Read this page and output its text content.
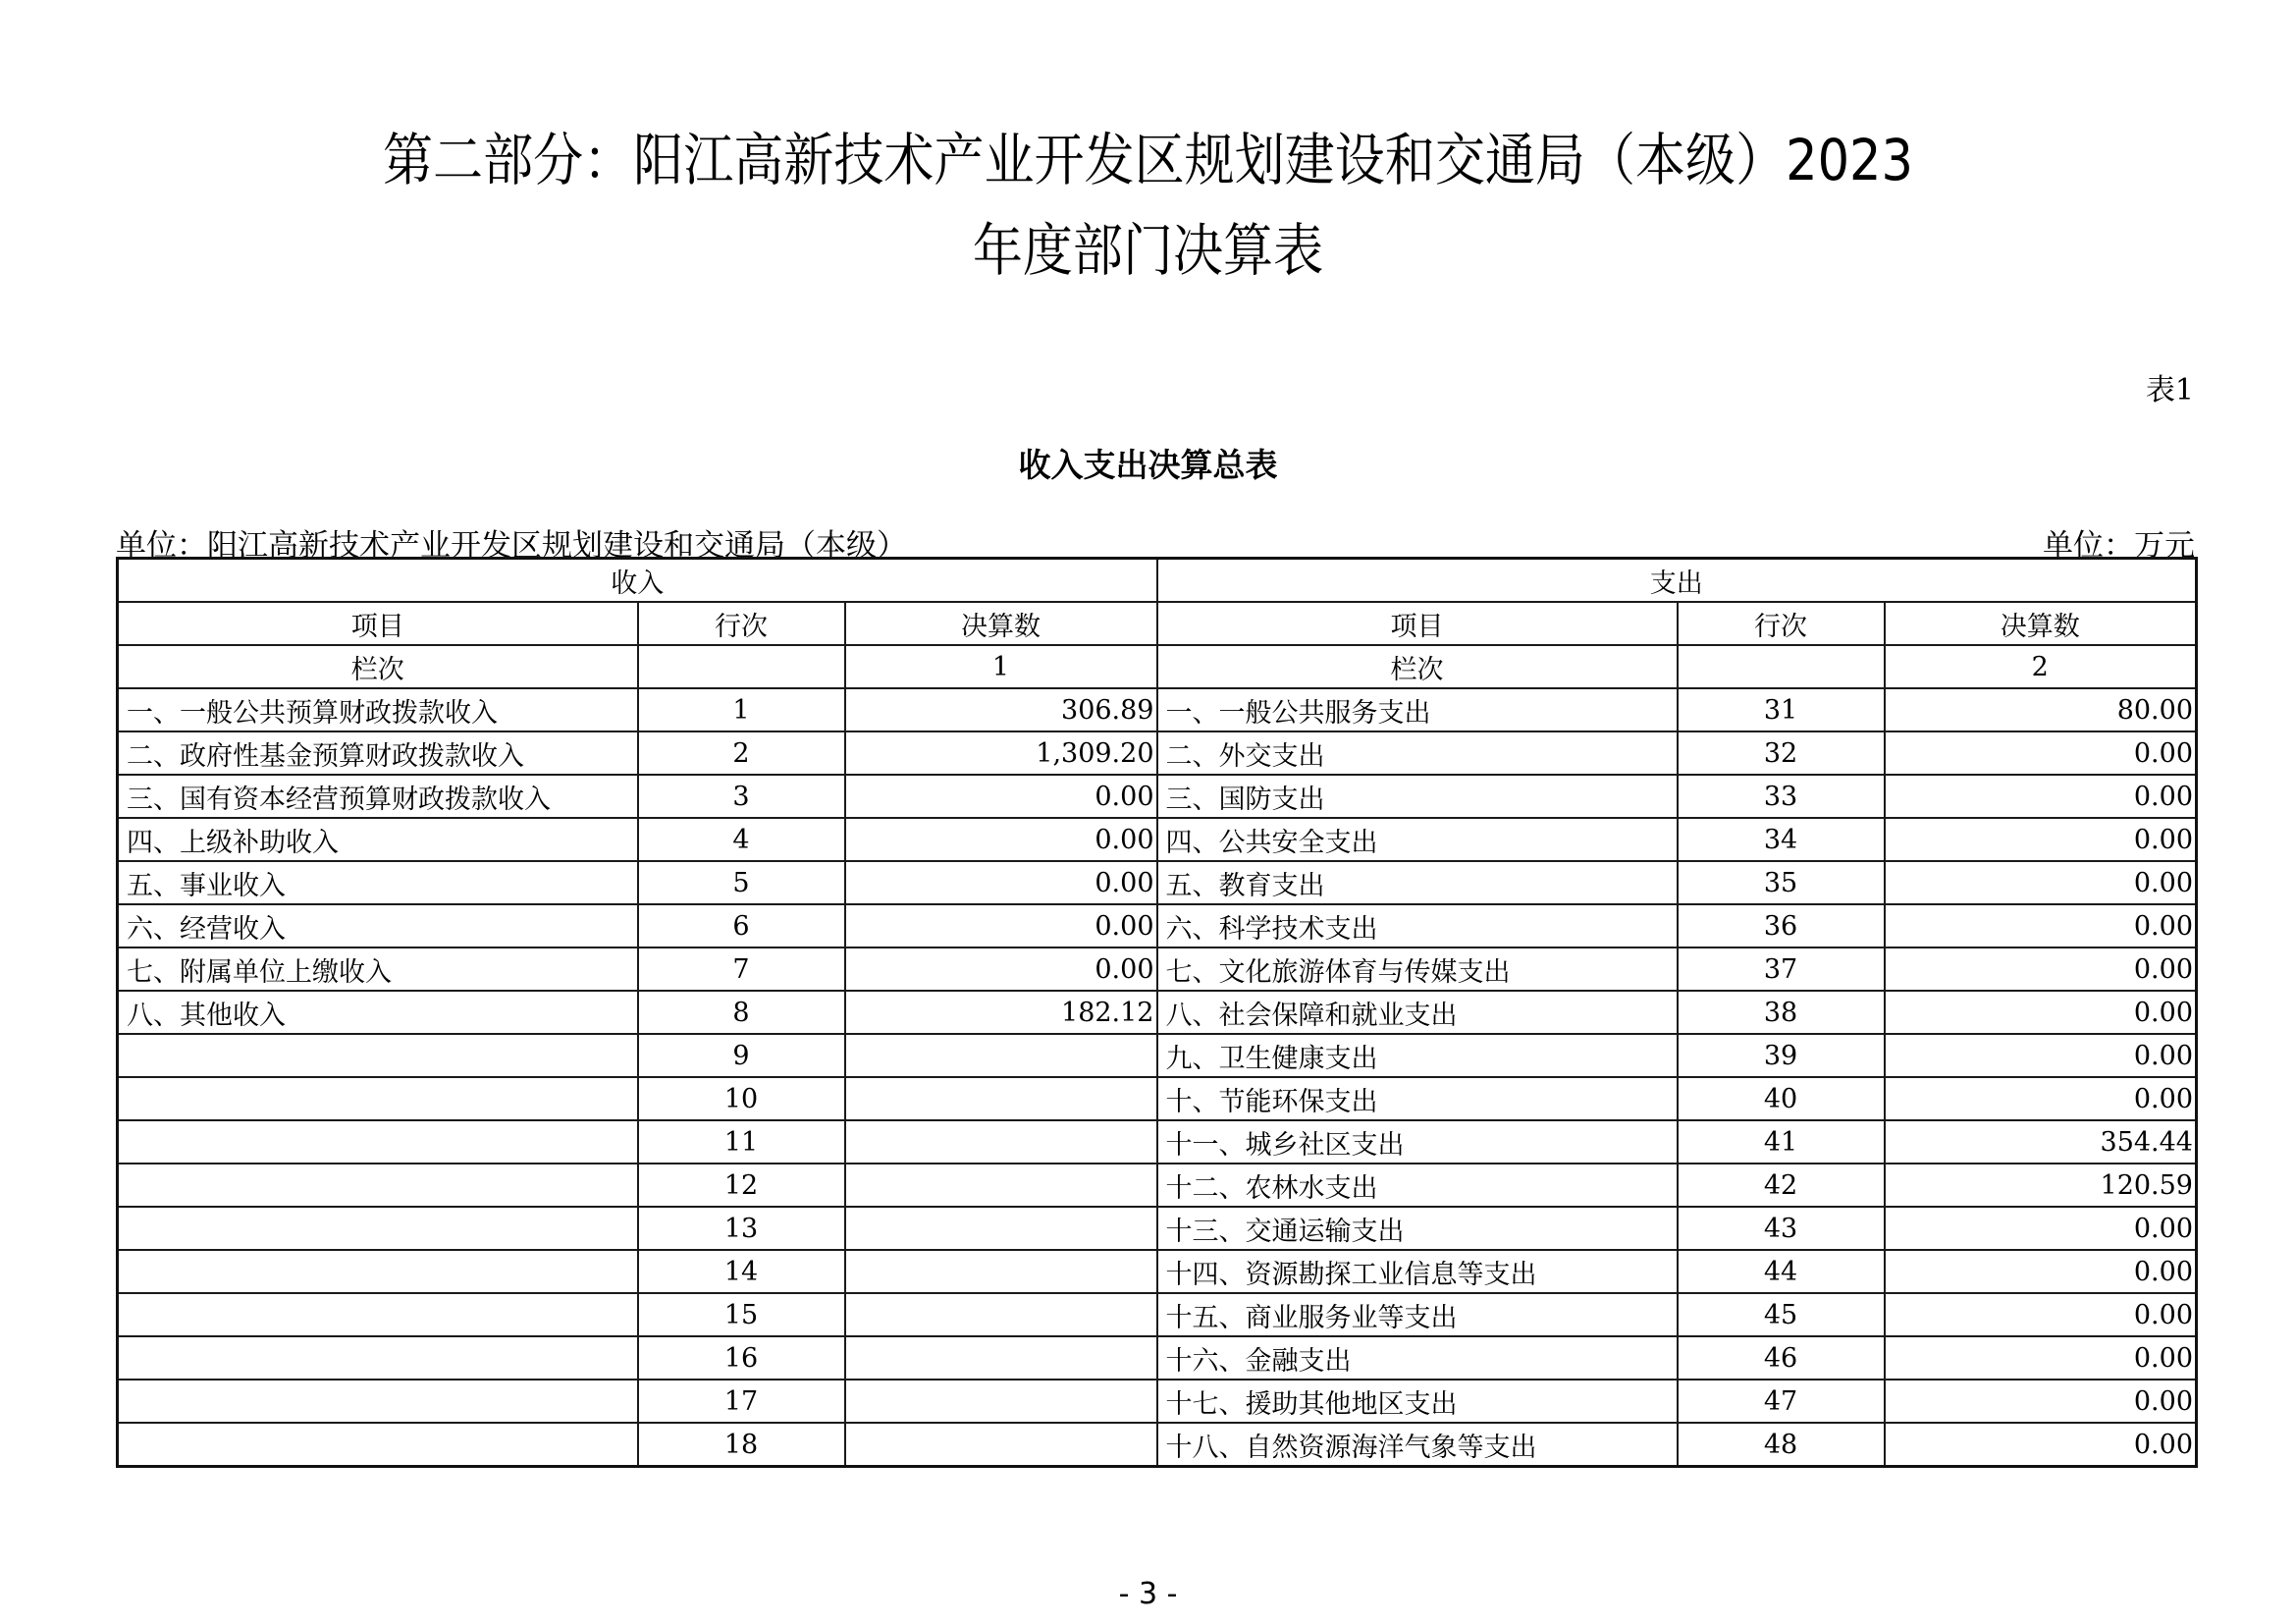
第二部分：阳江高新技术产业开发区规划建设和交通局（本级）2023
年度部门决算表
表1
收入支出决算总表
单位：阳江高新技术产业开发区规划建设和交通局（本级）	单位：万元
收入			支出		
项目	行次	决算数	项目	行次	决算数
栏次		1	栏次		2
一、一般公共预算财政拨款收入	1	306.89	一、一般公共服务支出	31	80.00
二、政府性基金预算财政拨款收入	2	1,309.20	二、外交支出	32	0.00
三、国有资本经营预算财政拨款收入	3	0.00	三、国防支出	33	0.00
四、上级补助收入	4	0.00	四、公共安全支出	34	0.00
五、事业收入	5	0.00	五、教育支出	35	0.00
六、经营收入	6	0.00	六、科学技术支出	36	0.00
七、附属单位上缴收入	7	0.00	七、文化旅游体育与传媒支出	37	0.00
八、其他收入	8	182.12	八、社会保障和就业支出	38	0.00
	9		九、卫生健康支出	39	0.00
	10		十、节能环保支出	40	0.00
	11		十一、城乡社区支出	41	354.44
	12		十二、农林水支出	42	120.59
	13		十三、交通运输支出	43	0.00
	14		十四、资源勘探工业信息等支出	44	0.00
	15		十五、商业服务业等支出	45	0.00
	16		十六、金融支出	46	0.00
	17		十七、援助其他地区支出	47	0.00
	18		十八、自然资源海洋气象等支出	48	0.00
- 3 -
